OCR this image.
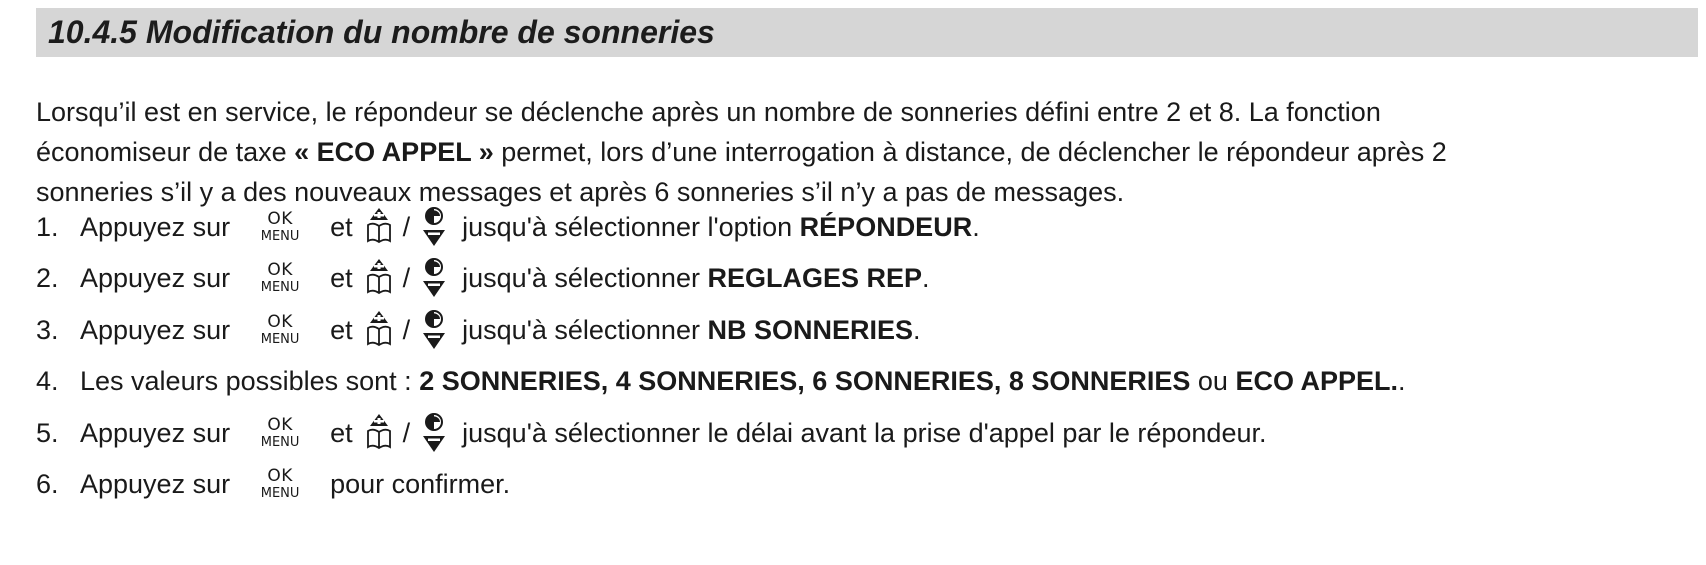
10.4.5 Modification du nombre de sonneries
Lorsqu’il est en service, le répondeur se déclenche après un nombre de sonneries défini entre 2 et 8. La fonction
économiseur de taxe « ECO APPEL » permet, lors d’une interrogation à distance, de déclencher le répondeur après 2
sonneries s’il y a des nouveaux messages et après 6 sonneries s’il n’y a pas de messages.
1. Appuyez sur OK
MENU et / jusqu'à sélectionner l'option RÉPONDEUR.
2. Appuyez sur OK
MENU et / jusqu'à sélectionner REGLAGES REP.
3. Appuyez sur OK
MENU et / jusqu'à sélectionner NB SONNERIES.
4. Les valeurs possibles sont : 2 SONNERIES, 4 SONNERIES, 6 SONNERIES, 8 SONNERIES ou ECO APPEL..
5. Appuyez sur OK
MENU et / jusqu'à sélectionner le délai avant la prise d'appel par le répondeur.
6. Appuyez sur OK
MENU pour confirmer.
